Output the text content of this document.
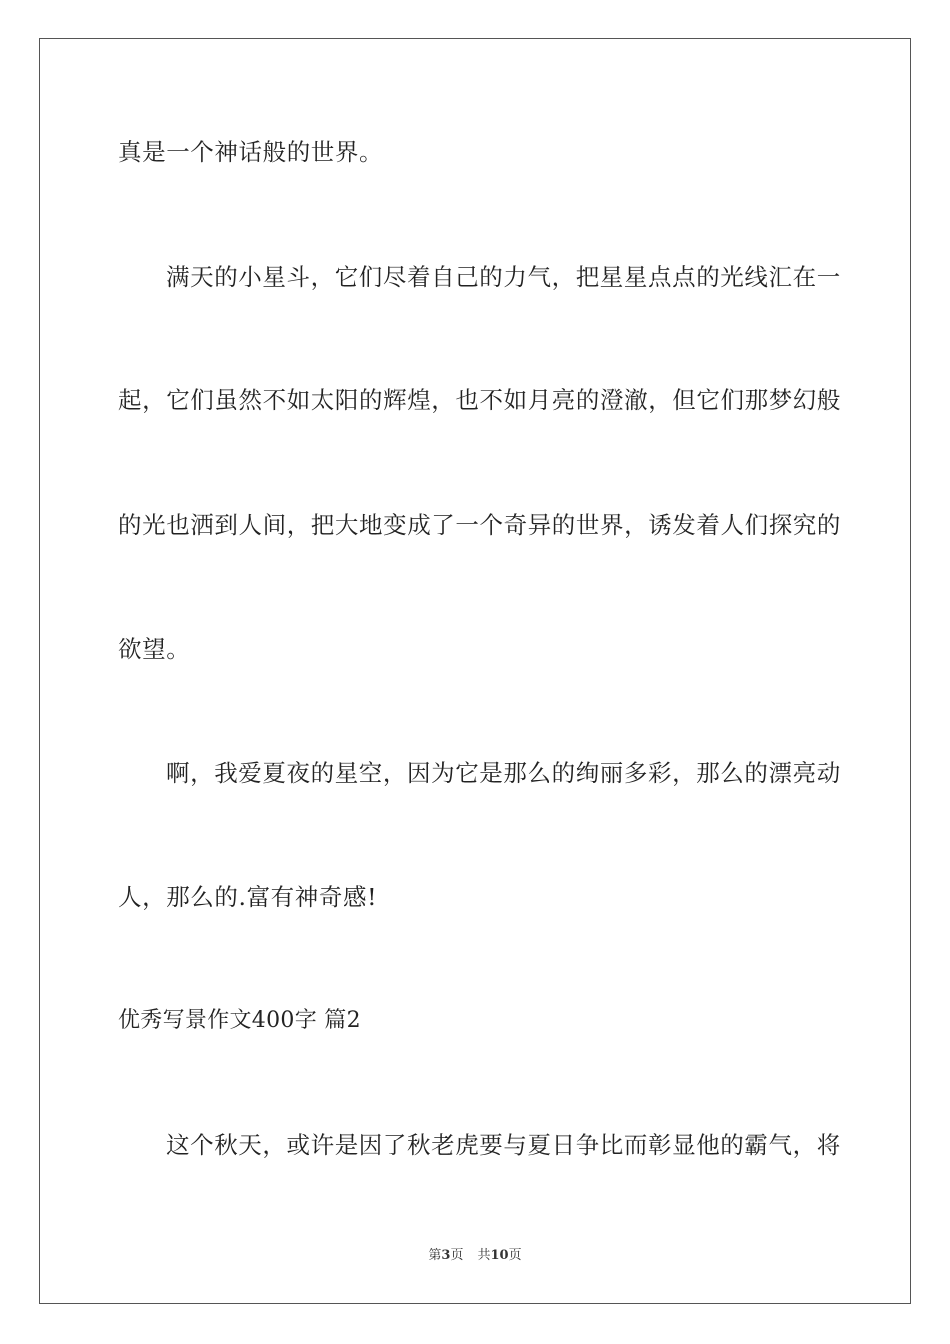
真是一个神话般的世界。
满天的小星斗，它们尽着自己的力气，把星星点点的光线汇在一
起，它们虽然不如太阳的辉煌，也不如月亮的澄澈，但它们那梦幻般
的光也洒到人间，把大地变成了一个奇异的世界，诱发着人们探究的
欲望。
啊，我爱夏夜的星空，因为它是那么的绚丽多彩，那么的漂亮动
人，那么的.富有神奇感!
优秀写景作文400字 篇2
这个秋天，或许是因了秋老虎要与夏日争比而彰显他的霸气，将
第3页 共10页
